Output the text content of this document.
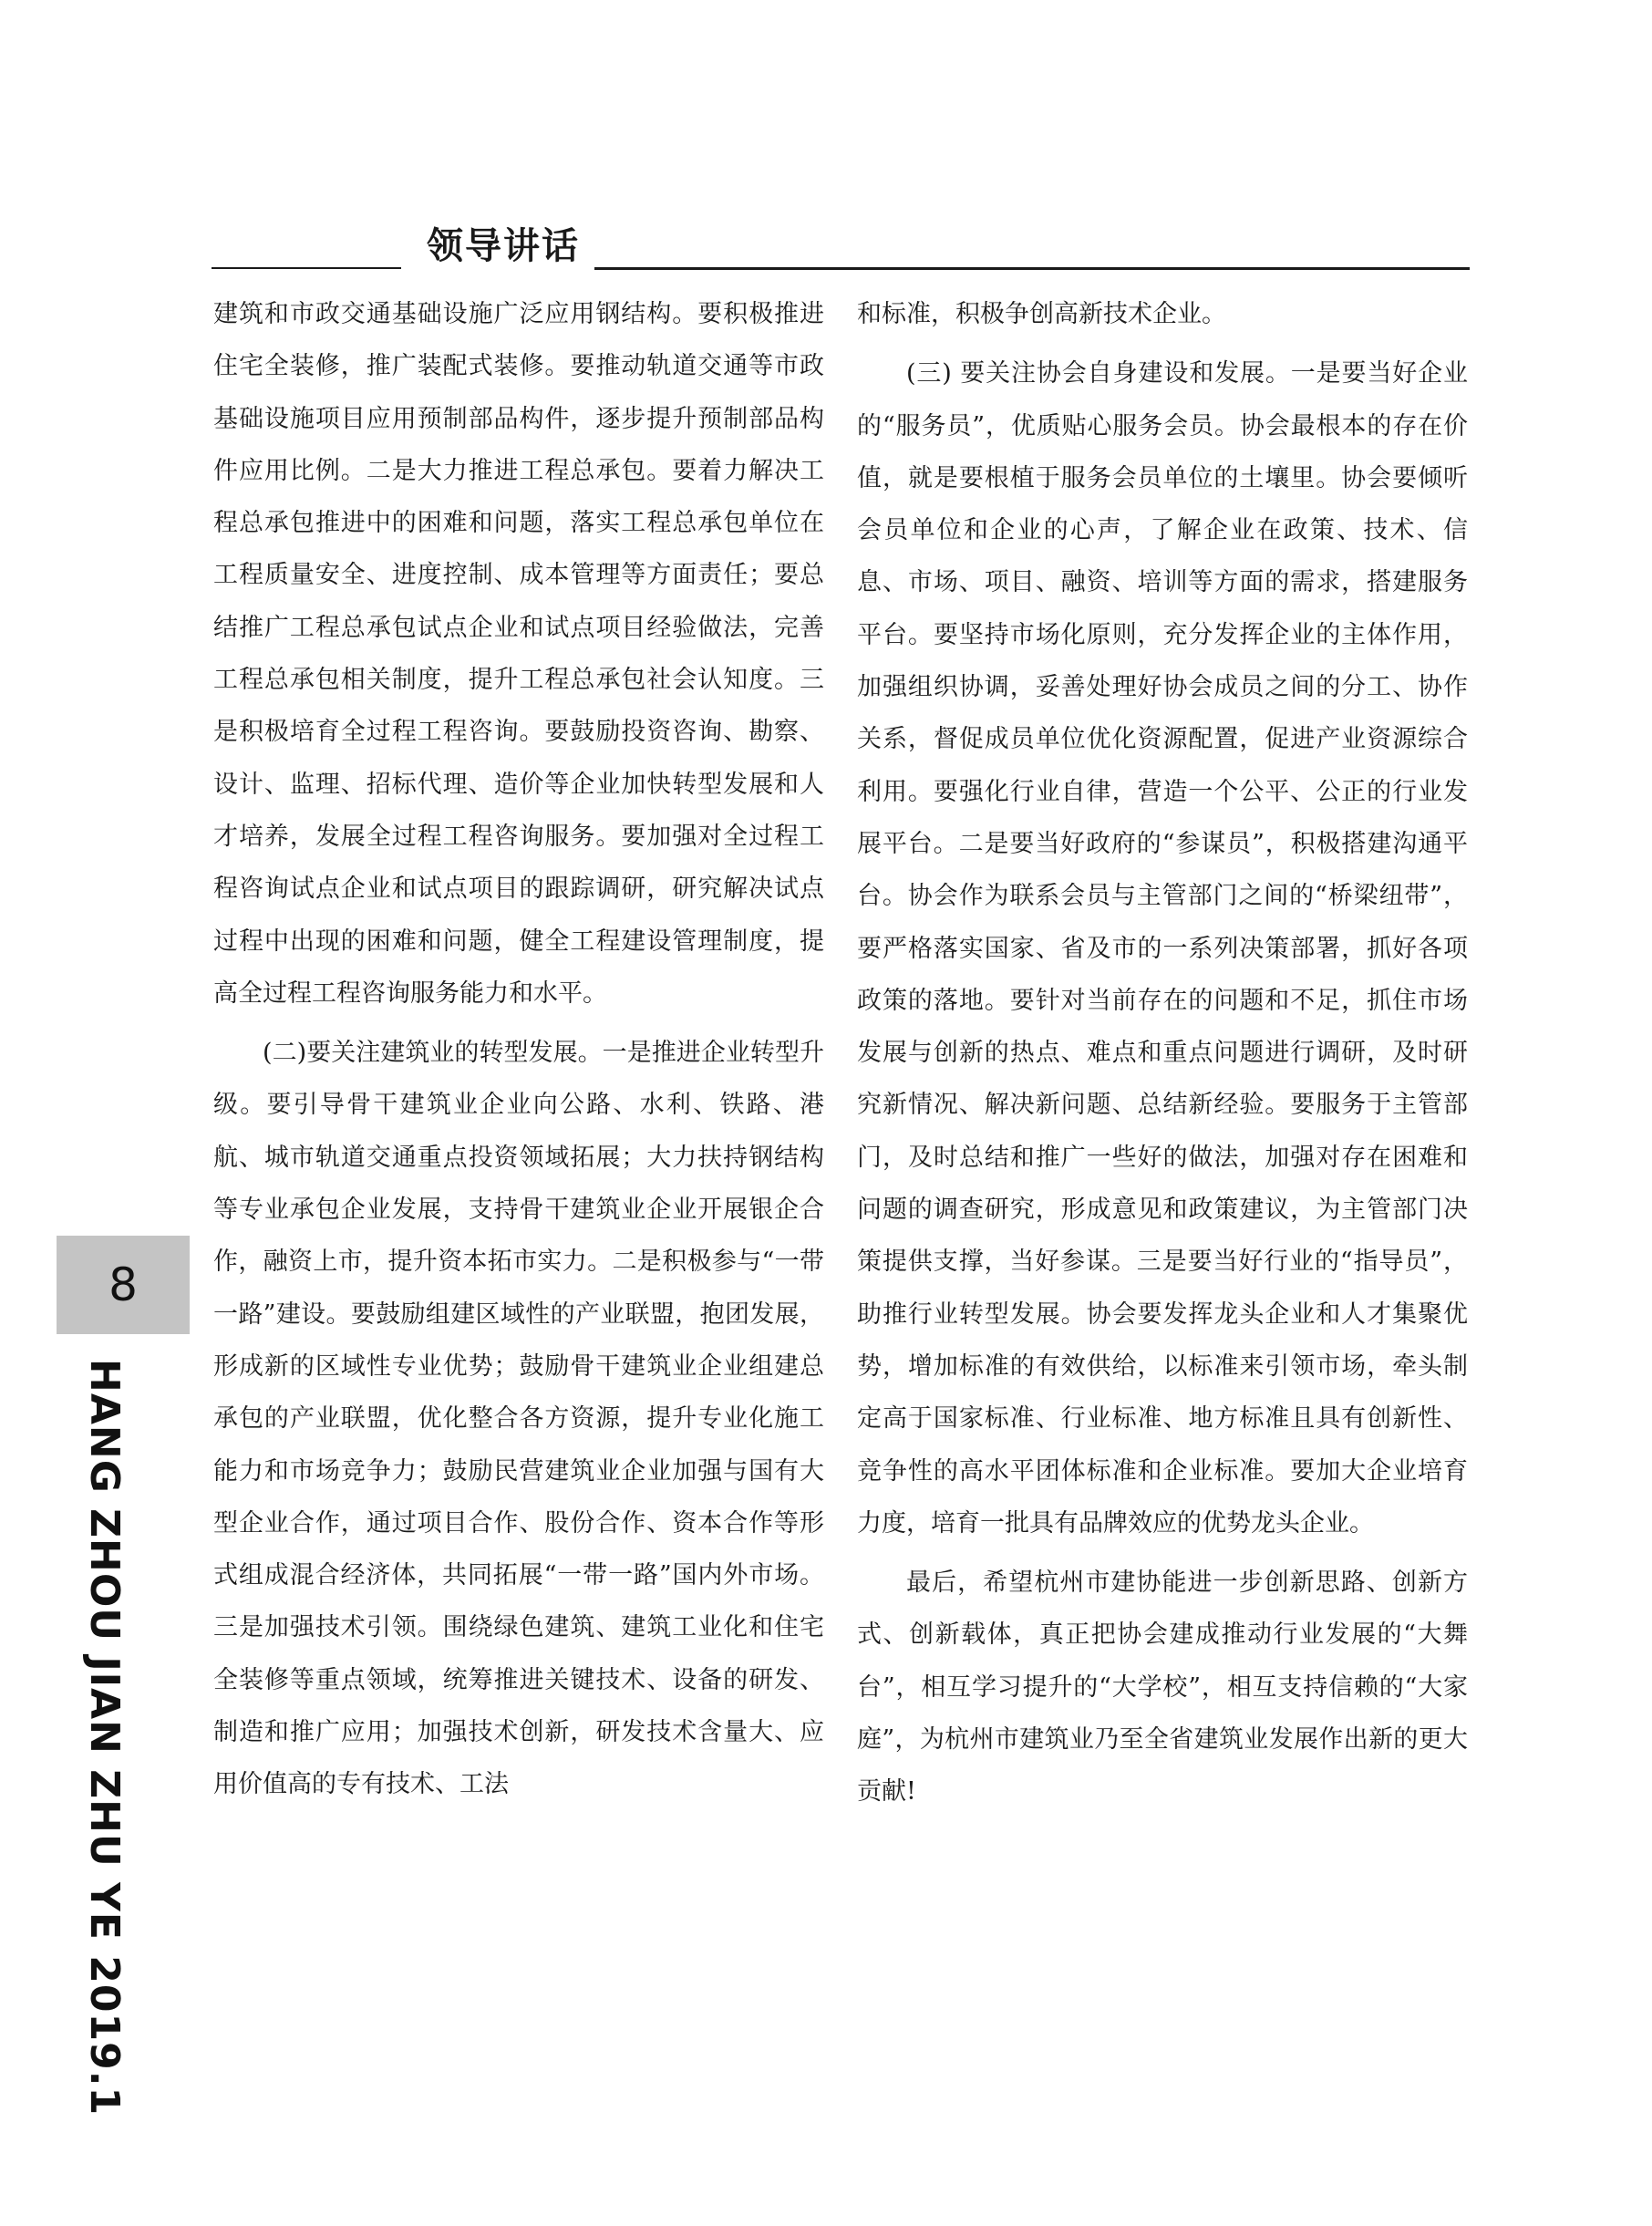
领导讲话

建筑和市政交通基础设施广泛应用钢结构。要积极推进住宅全装修，推广装配式装修。要推动轨道交通等市政基础设施项目应用预制部品构件，逐步提升预制部品构件应用比例。二是大力推进工程总承包。要着力解决工程总承包推进中的困难和问题，落实工程总承包单位在工程质量安全、进度控制、成本管理等方面责任；要总结推广工程总承包试点企业和试点项目经验做法，完善工程总承包相关制度，提升工程总承包社会认知度。三是积极培育全过程工程咨询。要鼓励投资咨询、勘察、设计、监理、招标代理、造价等企业加快转型发展和人才培养，发展全过程工程咨询服务。要加强对全过程工程咨询试点企业和试点项目的跟踪调研，研究解决试点过程中出现的困难和问题，健全工程建设管理制度，提高全过程工程咨询服务能力和水平。

(二)要关注建筑业的转型发展。一是推进企业转型升级。要引导骨干建筑业企业向公路、水利、铁路、港航、城市轨道交通重点投资领域拓展；大力扶持钢结构等专业承包企业发展，支持骨干建筑业企业开展银企合作，融资上市，提升资本拓市实力。二是积极参与“一带一路”建设。要鼓励组建区域性的产业联盟，抱团发展，形成新的区域性专业优势；鼓励骨干建筑业企业组建总承包的产业联盟，优化整合各方资源，提升专业化施工能力和市场竞争力；鼓励民营建筑业企业加强与国有大型企业合作，通过项目合作、股份合作、资本合作等形式组成混合经济体，共同拓展“一带一路”国内外市场。三是加强技术引领。围绕绿色建筑、建筑工业化和住宅全装修等重点领域，统筹推进关键技术、设备的研发、制造和推广应用；加强技术创新，研发技术含量大、应用价值高的专有技术、工法

和标准，积极争创高新技术企业。

(三) 要关注协会自身建设和发展。一是要当好企业的“服务员”，优质贴心服务会员。协会最根本的存在价值，就是要根植于服务会员单位的土壤里。协会要倾听会员单位和企业的心声，了解企业在政策、技术、信息、市场、项目、融资、培训等方面的需求，搭建服务平台。要坚持市场化原则，充分发挥企业的主体作用，加强组织协调，妥善处理好协会成员之间的分工、协作关系，督促成员单位优化资源配置，促进产业资源综合利用。要强化行业自律，营造一个公平、公正的行业发展平台。二是要当好政府的“参谋员”，积极搭建沟通平台。协会作为联系会员与主管部门之间的“桥梁纽带”，要严格落实国家、省及市的一系列决策部署，抓好各项政策的落地。要针对当前存在的问题和不足，抓住市场发展与创新的热点、难点和重点问题进行调研，及时研究新情况、解决新问题、总结新经验。要服务于主管部门，及时总结和推广一些好的做法，加强对存在困难和问题的调查研究，形成意见和政策建议，为主管部门决策提供支撑，当好参谋。三是要当好行业的“指导员”，助推行业转型发展。协会要发挥龙头企业和人才集聚优势，增加标准的有效供给，以标准来引领市场，牵头制定高于国家标准、行业标准、地方标准且具有创新性、竞争性的高水平团体标准和企业标准。要加大企业培育力度，培育一批具有品牌效应的优势龙头企业。

最后，希望杭州市建协能进一步创新思路、创新方式、创新载体，真正把协会建成推动行业发展的“大舞台”，相互学习提升的“大学校”，相互支持信赖的“大家庭”，为杭州市建筑业乃至全省建筑业发展作出新的更大贡献!

8
HANG ZHOU JIAN ZHU YE 2019.1
